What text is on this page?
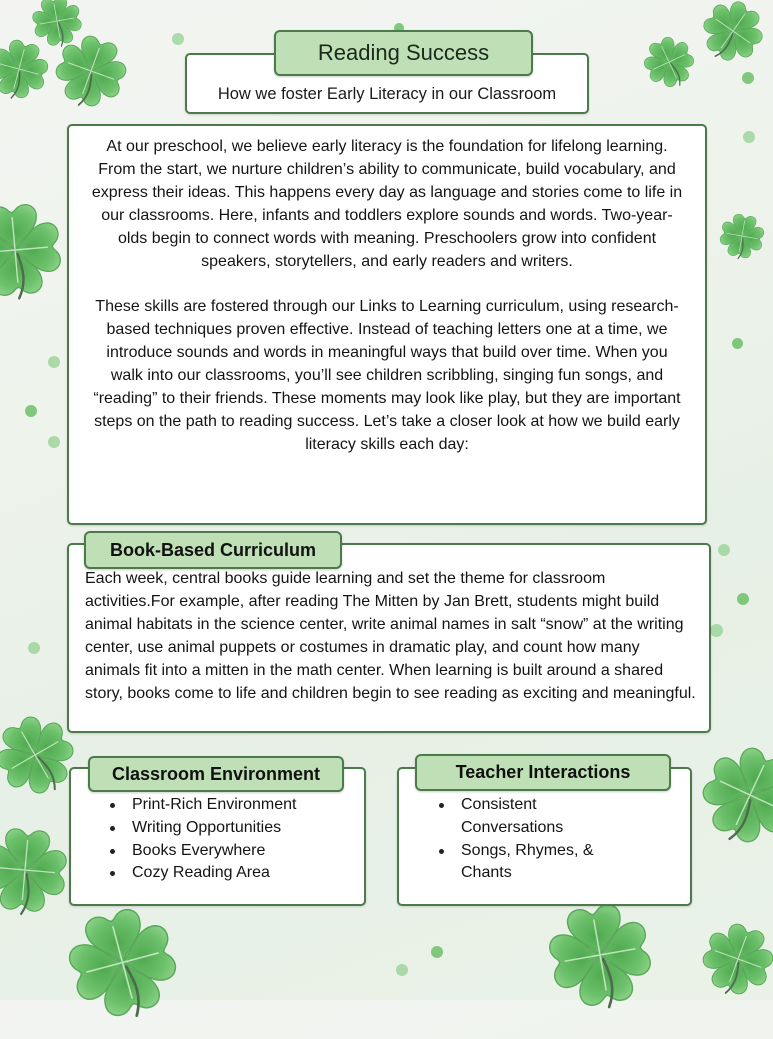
How we foster Early Literacy in our Classroom
Reading Success

At our preschool, we believe early literacy is the foundation for lifelong learning. From the start, we nurture children’s ability to communicate, build vocabulary, and express their ideas. This happens every day as language and stories come to life in our classrooms. Here, infants and toddlers explore sounds and words. Two-year-olds begin to connect words with meaning. Preschoolers grow into confident speakers, storytellers, and early readers and writers.

These skills are fostered through our Links to Learning curriculum, using research-based techniques proven effective. Instead of teaching letters one at a time, we introduce sounds and words in meaningful ways that build over time. When you walk into our classrooms, you’ll see children scribbling, singing fun songs, and “reading” to their friends. These moments may look like play, but they are important steps on the path to reading success. Let’s take a closer look at how we build early literacy skills each day:

Each week, central books guide learning and set the theme for classroom activities.For example, after reading The Mitten by Jan Brett, students might build animal habitats in the science center, write animal names in salt “snow” at the writing center, use animal puppets or costumes in dramatic play, and count how many animals fit into a mitten in the math center. When learning is built around a shared story, books come to life and children begin to see reading as exciting and meaningful.

Book-Based Curriculum
Print-Rich Environment
Writing Opportunities
Books Everywhere
Cozy Reading Area
Classroom Environment
Consistent Conversations
Songs, Rhymes, & Chants
Teacher Interactions
